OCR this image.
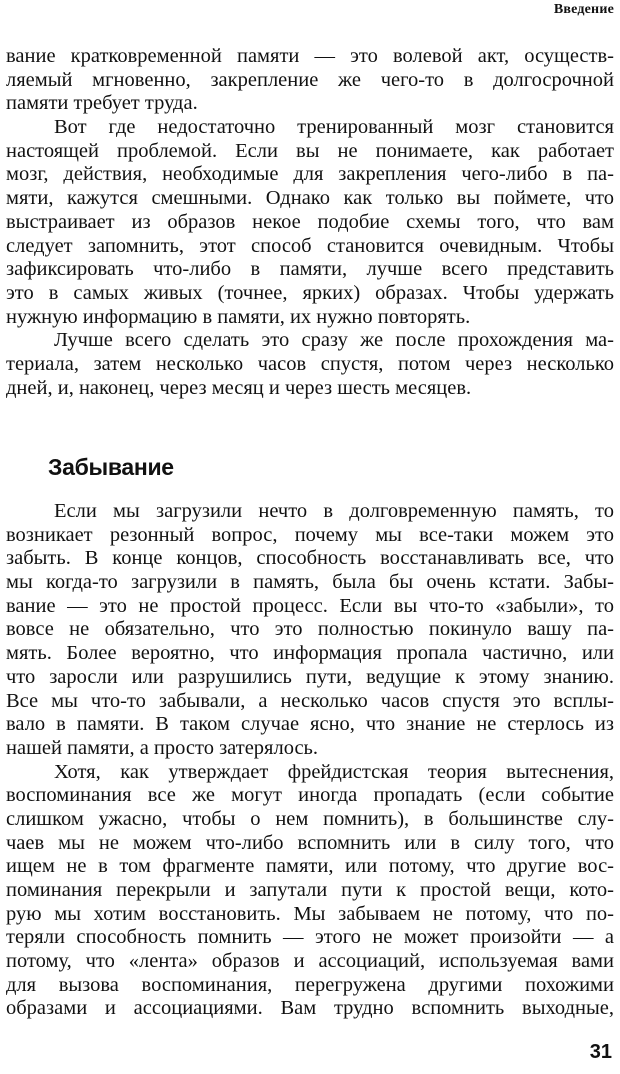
Введение
вание кратковременной памяти — это волевой акт, осуществ-
ляемый мгновенно, закрепление же чего-то в долгосрочной
памяти требует труда.
Вот где недостаточно тренированный мозг становится
настоящей проблемой. Если вы не понимаете, как работает
мозг, действия, необходимые для закрепления чего-либо в па-
мяти, кажутся смешными. Однако как только вы поймете, что
выстраивает из образов некое подобие схемы того, что вам
следует запомнить, этот способ становится очевидным. Чтобы
зафиксировать что-либо в памяти, лучше всего представить
это в самых живых (точнее, ярких) образах. Чтобы удержать
нужную информацию в памяти, их нужно повторять.
Лучше всего сделать это сразу же после прохождения ма-
териала, затем несколько часов спустя, потом через несколько
дней, и, наконец, через месяц и через шесть месяцев.
Забывание
Если мы загрузили нечто в долговременную память, то
возникает резонный вопрос, почему мы все-таки можем это
забыть. В конце концов, способность восстанавливать все, что
мы когда-то загрузили в память, была бы очень кстати. Забы-
вание — это не простой процесс. Если вы что-то «забыли», то
вовсе не обязательно, что это полностью покинуло вашу па-
мять. Более вероятно, что информация пропала частично, или
что заросли или разрушились пути, ведущие к этому знанию.
Все мы что-то забывали, а несколько часов спустя это всплы-
вало в памяти. В таком случае ясно, что знание не стерлось из
нашей памяти, а просто затерялось.
Хотя, как утверждает фрейдистская теория вытеснения,
воспоминания все же могут иногда пропадать (если событие
слишком ужасно, чтобы о нем помнить), в большинстве слу-
чаев мы не можем что-либо вспомнить или в силу того, что
ищем не в том фрагменте памяти, или потому, что другие вос-
поминания перекрыли и запутали пути к простой вещи, кото-
рую мы хотим восстановить. Мы забываем не потому, что по-
теряли способность помнить — этого не может произойти — а
потому, что «лента» образов и ассоциаций, используемая вами
для вызова воспоминания, перегружена другими похожими
образами и ассоциациями. Вам трудно вспомнить выходные,
31
